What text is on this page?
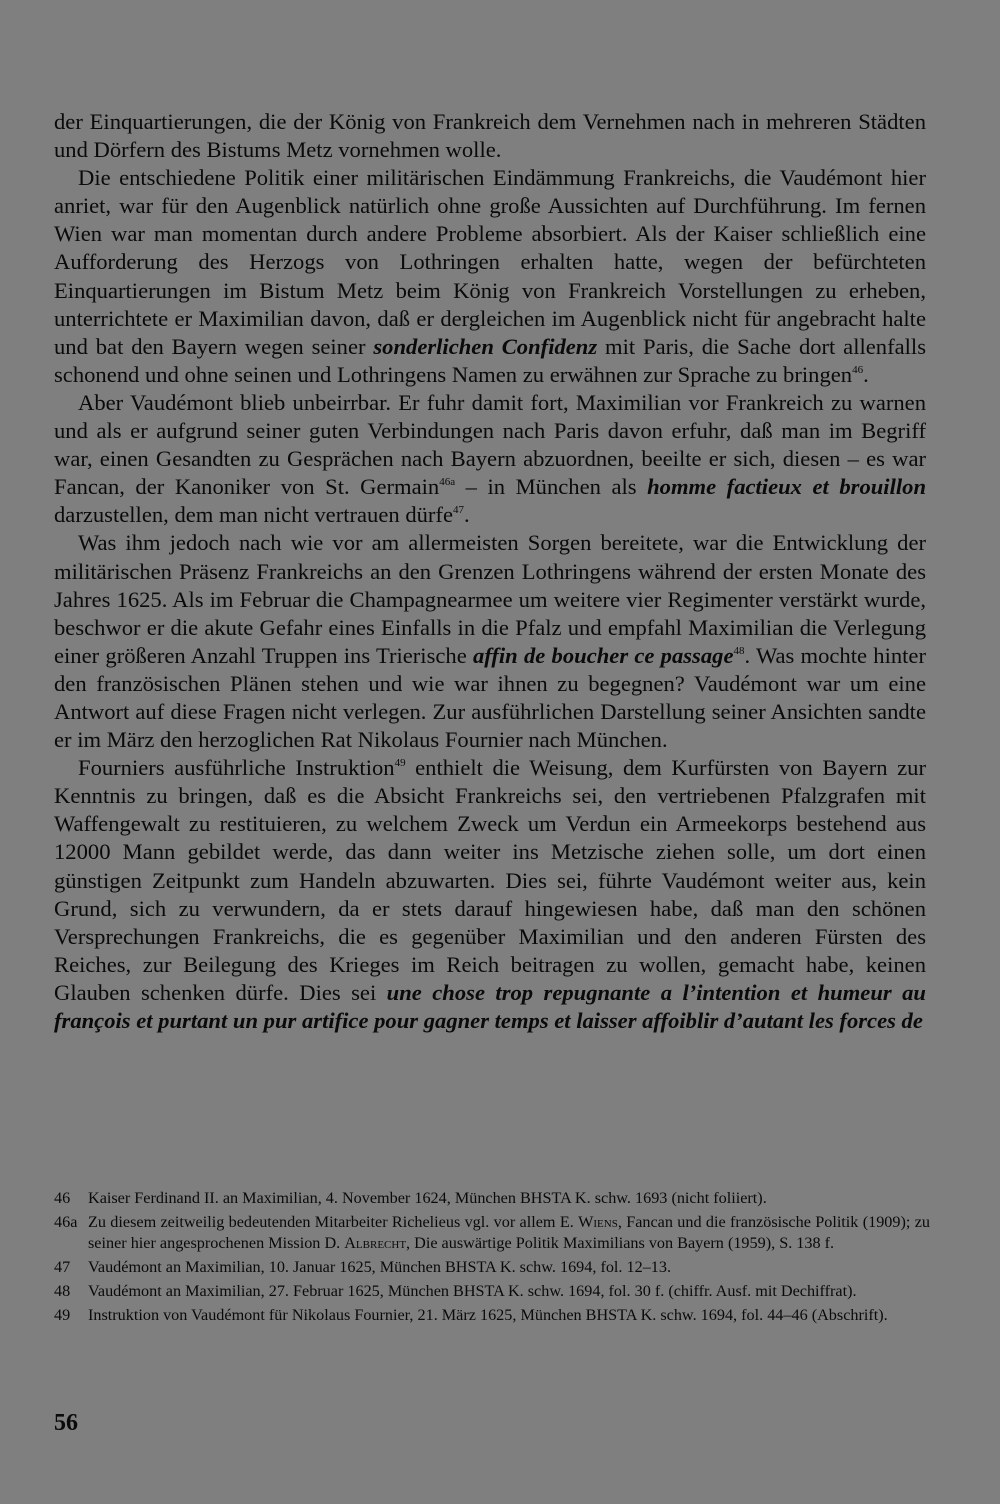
der Einquartierungen, die der König von Frankreich dem Vernehmen nach in mehreren Städten und Dörfern des Bistums Metz vornehmen wolle.

Die entschiedene Politik einer militärischen Eindämmung Frankreichs, die Vaudémont hier anriet, war für den Augenblick natürlich ohne große Aussichten auf Durchführung. Im fernen Wien war man momentan durch andere Probleme absorbiert. Als der Kaiser schließlich eine Aufforderung des Herzogs von Lothringen erhalten hatte, wegen der befürchteten Einquartierungen im Bistum Metz beim König von Frankreich Vorstellungen zu erheben, unterrichtete er Maximilian davon, daß er dergleichen im Augenblick nicht für angebracht halte und bat den Bayern wegen seiner sonderlichen Confidenz mit Paris, die Sache dort allenfalls schonend und ohne seinen und Lothringens Namen zu erwähnen zur Sprache zu bringen$^{46}$.

Aber Vaudémont blieb unbeirrbar. Er fuhr damit fort, Maximilian vor Frankreich zu warnen und als er aufgrund seiner guten Verbindungen nach Paris davon erfuhr, daß man im Begriff war, einen Gesandten zu Gesprächen nach Bayern abzuordnen, beeilte er sich, diesen – es war Fancan, der Kanoniker von St. Germain$^{46a}$ – in München als homme factieux et brouillon darzustellen, dem man nicht vertrauen dürfe$^{47}$.

Was ihm jedoch nach wie vor am allermeisten Sorgen bereitete, war die Entwicklung der militärischen Präsenz Frankreichs an den Grenzen Lothringens während der ersten Monate des Jahres 1625. Als im Februar die Champagnearmee um weitere vier Regimenter verstärkt wurde, beschwor er die akute Gefahr eines Einfalls in die Pfalz und empfahl Maximilian die Verlegung einer größeren Anzahl Truppen ins Trierische affin de boucher ce passage$^{48}$. Was mochte hinter den französischen Plänen stehen und wie war ihnen zu begegnen? Vaudémont war um eine Antwort auf diese Fragen nicht verlegen. Zur ausführlichen Darstellung seiner Ansichten sandte er im März den herzoglichen Rat Nikolaus Fournier nach München.

Fourniers ausführliche Instruktion$^{49}$ enthielt die Weisung, dem Kurfürsten von Bayern zur Kenntnis zu bringen, daß es die Absicht Frankreichs sei, den vertriebenen Pfalzgrafen mit Waffengewalt zu restituieren, zu welchem Zweck um Verdun ein Armeekorps bestehend aus 12000 Mann gebildet werde, das dann weiter ins Metzische ziehen solle, um dort einen günstigen Zeitpunkt zum Handeln abzuwarten. Dies sei, führte Vaudémont weiter aus, kein Grund, sich zu verwundern, da er stets darauf hingewiesen habe, daß man den schönen Versprechungen Frankreichs, die es gegenüber Maximilian und den anderen Fürsten des Reiches, zur Beilegung des Krieges im Reich beitragen zu wollen, gemacht habe, keinen Glauben schenken dürfe. Dies sei une chose trop repugnante a l’intention et humeur au françois et purtant un pur artifice pour gagner temps et laisser affoiblir d’autant les forces de

46	Kaiser Ferdinand II. an Maximilian, 4. November 1624, München BHSTA K. schw. 1693 (nicht foliiert).
46a Zu diesem zeitweilig bedeutenden Mitarbeiter Richelieus vgl. vor allem E. Wiens, Fancan und die französische Politik (1909); zu seiner hier angesprochenen Mission D. Albrecht, Die auswärtige Politik Maximilians von Bayern (1959), S. 138 f.
47	Vaudémont an Maximilian, 10. Januar 1625, München BHSTA K. schw. 1694, fol. 12–13.
48	Vaudémont an Maximilian, 27. Februar 1625, München BHSTA K. schw. 1694, fol. 30 f. (chiffr. Ausf. mit Dechiffrat).
49	Instruktion von Vaudémont für Nikolaus Fournier, 21. März 1625, München BHSTA K. schw. 1694, fol. 44–46 (Abschrift).
56
